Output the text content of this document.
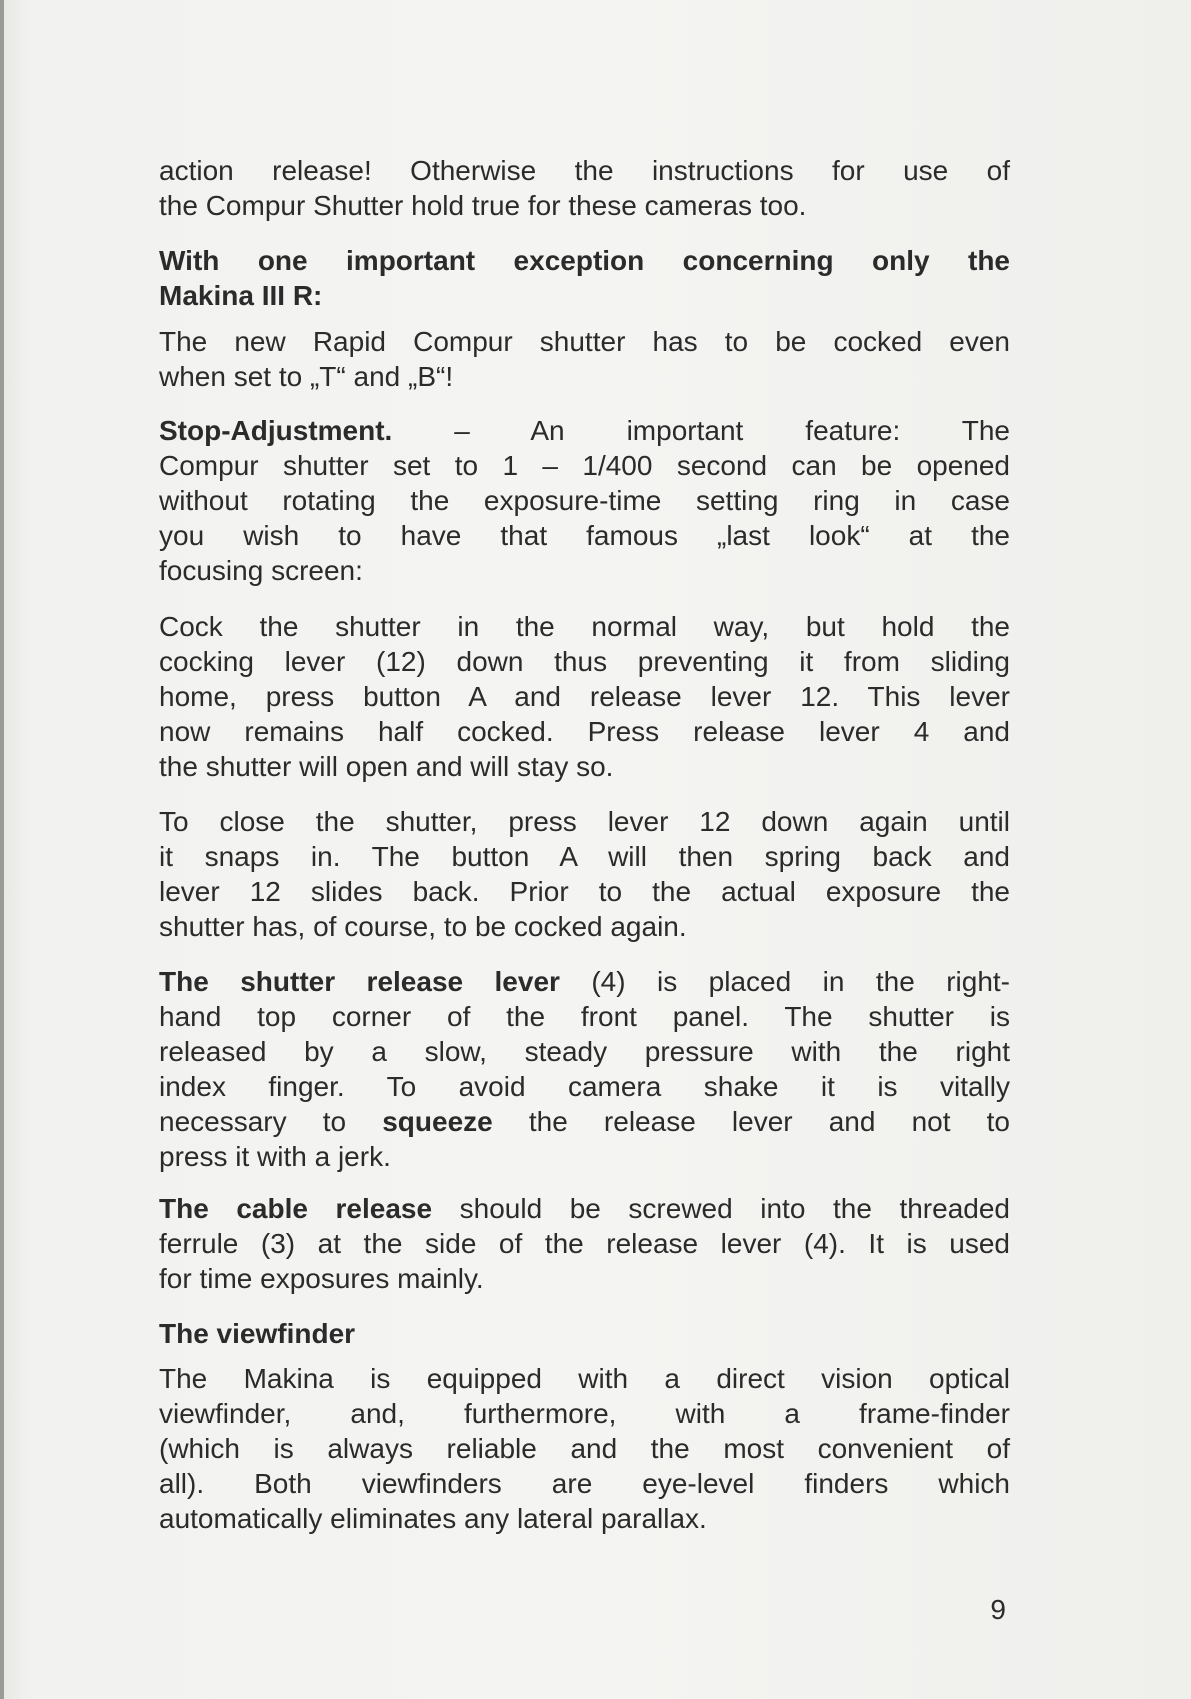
action release! Otherwise the instructions for use of
the Compur Shutter hold true for these cameras too.
With one important exception concerning only the
Makina III R:
The new Rapid Compur shutter has to be cocked even
when set to „T“ and „B“!
Stop-Adjustment. – An important feature: The
Compur shutter set to 1 – 1/400 second can be opened
without rotating the exposure-time setting ring in case
you wish to have that famous „last look“ at the
focusing screen:
Cock the shutter in the normal way, but hold the
cocking lever (12) down thus preventing it from sliding
home, press button A and release lever 12. This lever
now remains half cocked. Press release lever 4 and
the shutter will open and will stay so.
To close the shutter, press lever 12 down again until
it snaps in. The button A will then spring back and
lever 12 slides back. Prior to the actual exposure the
shutter has, of course, to be cocked again.
The shutter release lever (4) is placed in the right-
hand top corner of the front panel. The shutter is
released by a slow, steady pressure with the right
index finger. To avoid camera shake it is vitally
necessary to squeeze the release lever and not to
press it with a jerk.
The cable release should be screwed into the threaded
ferrule (3) at the side of the release lever (4). It is used
for time exposures mainly.
The viewfinder
The Makina is equipped with a direct vision optical
viewfinder, and, furthermore, with a frame-finder
(which is always reliable and the most convenient of
all). Both viewfinders are eye-level finders which
automatically eliminates any lateral parallax.
9
